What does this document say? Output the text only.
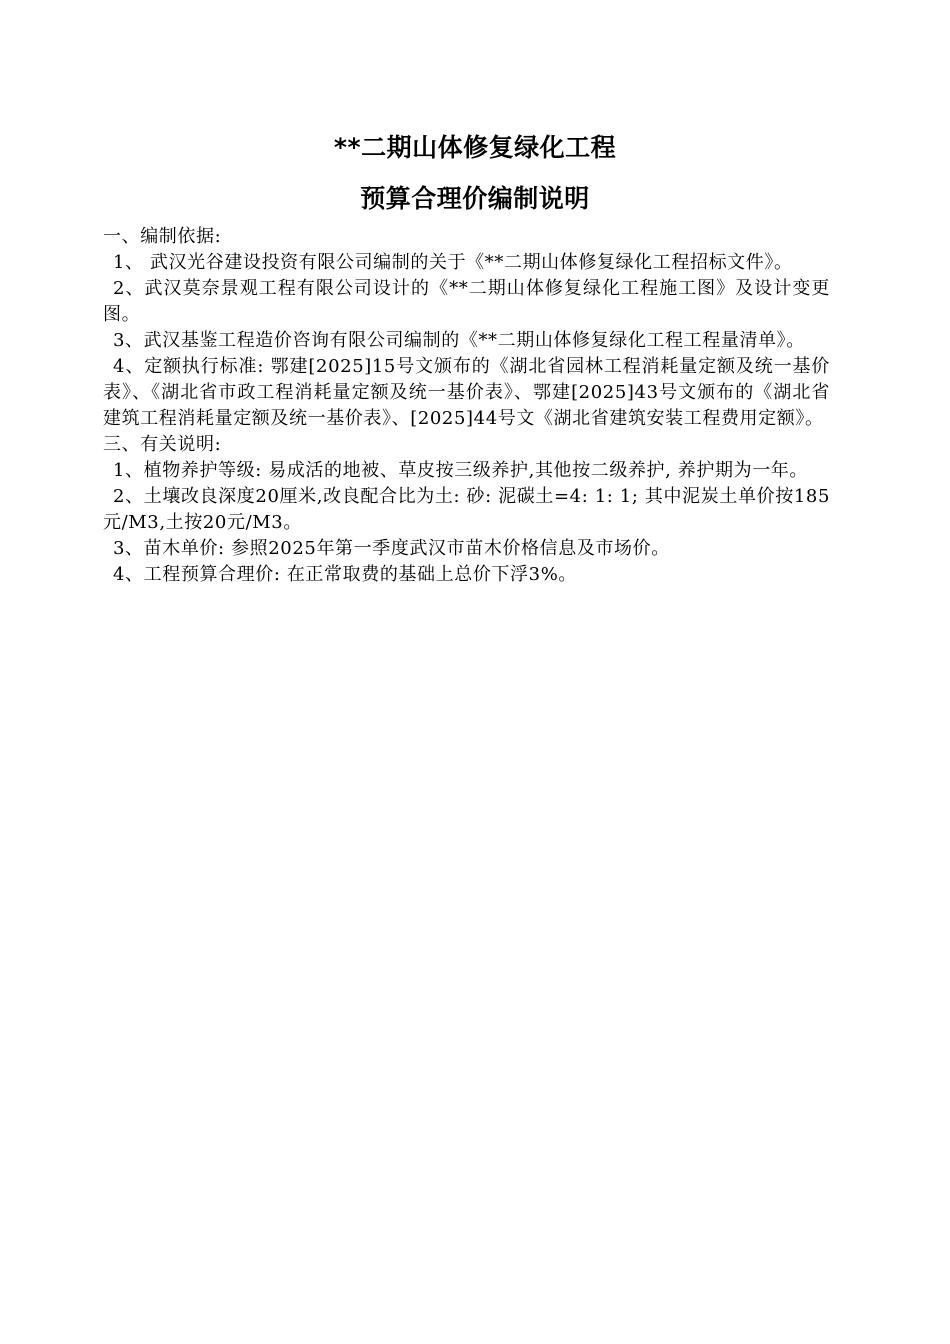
**二期山体修复绿化工程
预算合理价编制说明

一、编制依据:

1、 武汉光谷建设投资有限公司编制的关于《**二期山体修复绿化工程招标文件》。

2、武汉莫奈景观工程有限公司设计的《**二期山体修复绿化工程施工图》及设计变更图。

3、武汉基鉴工程造价咨询有限公司编制的《**二期山体修复绿化工程工程量清单》。

4、定额执行标准: 鄂建[2025]15号文颁布的《湖北省园林工程消耗量定额及统一基价表》、《湖北省市政工程消耗量定额及统一基价表》、鄂建[2025]43号文颁布的《湖北省建筑工程消耗量定额及统一基价表》、[2025]44号文《湖北省建筑安装工程费用定额》。

三、有关说明:

1、植物养护等级: 易成活的地被、草皮按三级养护,其他按二级养护, 养护期为一年。

2、土壤改良深度20厘米,改良配合比为土: 砂: 泥碳土=4: 1: 1; 其中泥炭土单价按185元/M3,土按20元/M3。

3、苗木单价: 参照2025年第一季度武汉市苗木价格信息及市场价。

4、工程预算合理价: 在正常取费的基础上总价下浮3%。
